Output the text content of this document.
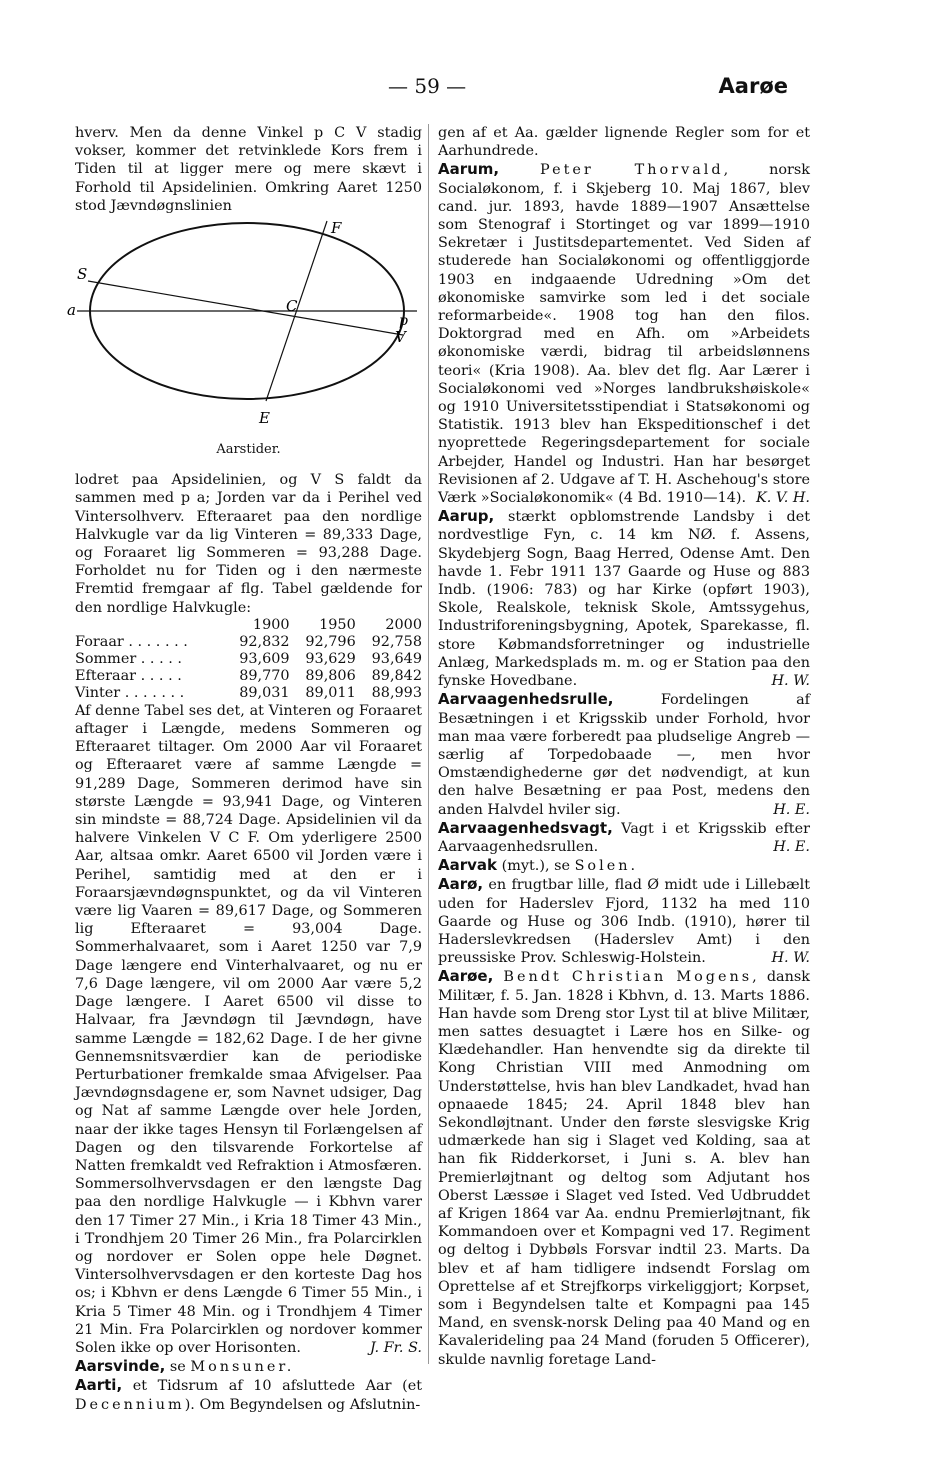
— 59 —	Aarøe

hverv. Men da denne Vinkel p C V stadig vokser, kommer det retvinklede Kors frem i Tiden til at ligger mere og mere skævt i Forhold til Apsidelinien. Omkring Aaret 1250 stod Jævndøgnslinien

F
S
a	C
p
V
E
Aarstider.

lodret paa Apsidelinien, og V S faldt da sammen med p a; Jorden var da i Perihel ved Vintersolhverv. Efteraaret paa den nordlige Halvkugle var da lig Vinteren = 89,333 Dage, og Foraaret lig Sommeren = 93,288 Dage. Forholdet nu for Tiden og i den nærmeste Fremtid fremgaar af flg. Tabel gældende for den nordlige Halvkugle:

	1900	1950	2000
Foraar . . . . . . .	92,832	92,796	92,758
Sommer . . . . .	93,609	93,629	93,649
Efteraar . . . . .	89,770	89,806	89,842
Vinter . . . . . . .	89,031	89,011	88,993

Af denne Tabel ses det, at Vinteren og Foraaret aftager i Længde, medens Sommeren og Efteraaret tiltager. Om 2000 Aar vil Foraaret og Efteraaret være af samme Længde = 91,289 Dage, Sommeren derimod have sin største Længde = 93,941 Dage, og Vinteren sin mindste = 88,724 Dage. Apsidelinien vil da halvere Vinkelen V C F. Om yderligere 2500 Aar, altsaa omkr. Aaret 6500 vil Jorden være i Perihel, samtidig med at den er i Foraarsjævndøgnspunktet, og da vil Vinteren være lig Vaaren = 89,617 Dage, og Sommeren lig Efteraaret = 93,004 Dage. Sommerhalvaaret, som i Aaret 1250 var 7,9 Dage længere end Vinterhalvaaret, og nu er 7,6 Dage længere, vil om 2000 Aar være 5,2 Dage længere. I Aaret 6500 vil disse to Halvaar, fra Jævndøgn til Jævndøgn, have samme Længde = 182,62 Dage. I de her givne Gennemsnitsværdier kan de periodiske Perturbationer fremkalde smaa Afvigelser. Paa Jævndøgnsdagene er, som Navnet udsiger, Dag og Nat af samme Længde over hele Jorden, naar der ikke tages Hensyn til Forlængelsen af Dagen og den tilsvarende Forkortelse af Natten fremkaldt ved Refraktion i Atmosfæren. Sommersolhvervsdagen er den længste Dag paa den nordlige Halvkugle — i Kbhvn varer den 17 Timer 27 Min., i Kria 18 Timer 43 Min., i Trondhjem 20 Timer 26 Min., fra Polarcirklen og nordover er Solen oppe hele Døgnet. Vintersolhvervsdagen er den korteste Dag hos os; i Kbhvn er dens Længde 6 Timer 55 Min., i Kria 5 Timer 48 Min. og i Trondhjem 4 Timer 21 Min. Fra Polarcirklen og nordover kommer Solen ikke op over Horisonten.	J. Fr. S.

Aarsvinde, se Monsuner.

Aarti, et Tidsrum af 10 afsluttede Aar (et Decennium). Om Begyndelsen og Afslutnin-

gen af et Aa. gælder lignende Regler som for et Aarhundrede.

Aarum, Peter Thorvald, norsk Socialøkonom, f. i Skjeberg 10. Maj 1867, blev cand. jur. 1893, havde 1889—1907 Ansættelse som Stenograf i Stortinget og var 1899—1910 Sekretær i Justitsdepartementet. Ved Siden af studerede han Socialøkonomi og offentliggjorde 1903 en indgaaende Udredning »Om det økonomiske samvirke som led i det sociale reformarbeide«. 1908 tog han den filos. Doktorgrad med en Afh. om »Arbeidets økonomiske værdi, bidrag til arbeidslønnens teori« (Kria 1908). Aa. blev det flg. Aar Lærer i Socialøkonomi ved »Norges landbrukshøiskole« og 1910 Universitetsstipendiat i Statsøkonomi og Statistik. 1913 blev han Ekspeditionschef i det nyoprettede Regeringsdepartement for sociale Arbejder, Handel og Industri. Han har besørget Revisionen af 2. Udgave af T. H. Aschehoug's store Værk »Socialøkonomik« (4 Bd. 1910—14). K. V. H.

Aarup, stærkt opblomstrende Landsby i det nordvestlige Fyn, c. 14 km NØ. f. Assens, Skydebjerg Sogn, Baag Herred, Odense Amt. Den havde 1. Febr 1911 137 Gaarde og Huse og 883 Indb. (1906: 783) og har Kirke (opført 1903), Skole, Realskole, teknisk Skole, Amtssygehus, Industriforeningsbygning, Apotek, Sparekasse, fl. store Købmandsforretninger og industrielle Anlæg, Markedsplads m. m. og er Station paa den fynske Hovedbane.	H. W.

Aarvaagenhedsrulle, Fordelingen af Besætningen i et Krigsskib under Forhold, hvor man maa være forberedt paa pludselige Angreb — særlig af Torpedobaade —, men hvor Omstændighederne gør det nødvendigt, at kun den halve Besætning er paa Post, medens den anden Halvdel hviler sig.	H. E.

Aarvaagenhedsvagt, Vagt i et Krigsskib efter Aarvaagenhedsrullen.	H. E.

Aarvak (myt.), se Solen.

Aarø, en frugtbar lille, flad Ø midt ude i Lillebælt uden for Haderslev Fjord, 1132 ha med 110 Gaarde og Huse og 306 Indb. (1910), hører til Haderslevkredsen (Haderslev Amt) i den preussiske Prov. Schleswig-Holstein.	H. W.

Aarøe, Bendt Christian Mogens, dansk Militær, f. 5. Jan. 1828 i Kbhvn, d. 13. Marts 1886. Han havde som Dreng stor Lyst til at blive Militær, men sattes desuagtet i Lære hos en Silke- og Klædehandler. Han henvendte sig da direkte til Kong Christian VIII med Anmodning om Understøttelse, hvis han blev Landkadet, hvad han opnaaede 1845; 24. April 1848 blev han Sekondløjtnant. Under den første slesvigske Krig udmærkede han sig i Slaget ved Kolding, saa at han fik Ridderkorset, i Juni s. A. blev han Premierløjtnant og deltog som Adjutant hos Oberst Læssøe i Slaget ved Isted. Ved Udbruddet af Krigen 1864 var Aa. endnu Premierløjtnant, fik Kommandoen over et Kompagni ved 17. Regiment og deltog i Dybbøls Forsvar indtil 23. Marts. Da blev et af ham tidligere indsendt Forslag om Oprettelse af et Strejfkorps virkeliggjort; Korpset, som i Begyndelsen talte et Kompagni paa 145 Mand, en svensk-norsk Deling paa 40 Mand og en Kavalerideling paa 24 Mand (foruden 5 Officerer), skulde navnlig foretage Land-
